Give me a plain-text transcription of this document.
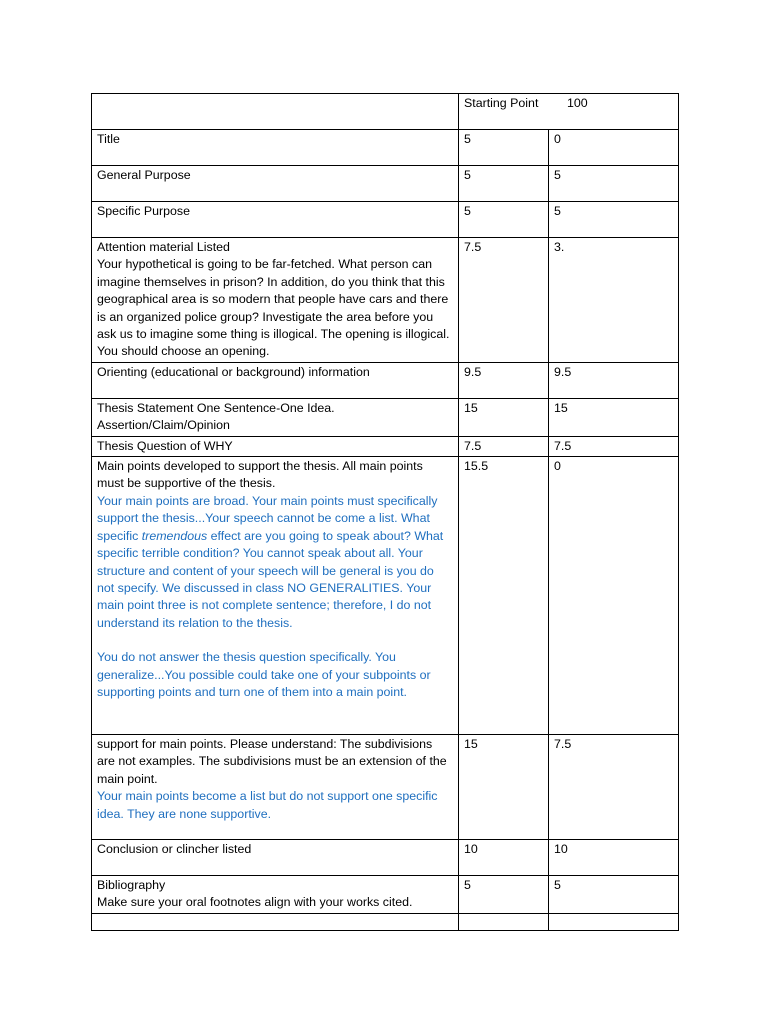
	Starting Point 100	
Title	5	0
General Purpose	5	5
Specific Purpose	5	5

Attention material Listed
Your hypothetical is going to be far-fetched. What person can imagine themselves in prison? In addition, do you think that this geographical area is so modern that people have cars and there is an organized police group? Investigate the area before you ask us to imagine some thing is illogical. The opening is illogical. You should choose an opening.	7.5	3.
Orienting (educational or background) information	9.5	9.5

Thesis Statement One Sentence-One Idea.
Assertion/Claim/Opinion	15	15
Thesis Question of WHY	7.5	7.5

Main points developed to support the thesis. All main points must be supportive of the thesis.
Your main points are broad. Your main points must specifically support the thesis...Your speech cannot be come a list. What specific tremendous effect are you going to speak about? What specific terrible condition? You cannot speak about all. Your structure and content of your speech will be general is you do not specify. We discussed in class NO GENERALITIES. Your main point three is not complete sentence; therefore, I do not understand its relation to the thesis.
You do not answer the thesis question specifically. You generalize...You possible could take one of your subpoints or supporting points and turn one of them into a main point.	15.5	0

support for main points. Please understand: The subdivisions are not examples. The subdivisions must be an extension of the main point.
Your main points become a list but do not support one specific idea. They are none supportive.	15	7.5
Conclusion or clincher listed	10	10

Bibliography
Make sure your oral footnotes align with your works cited.	5	5
